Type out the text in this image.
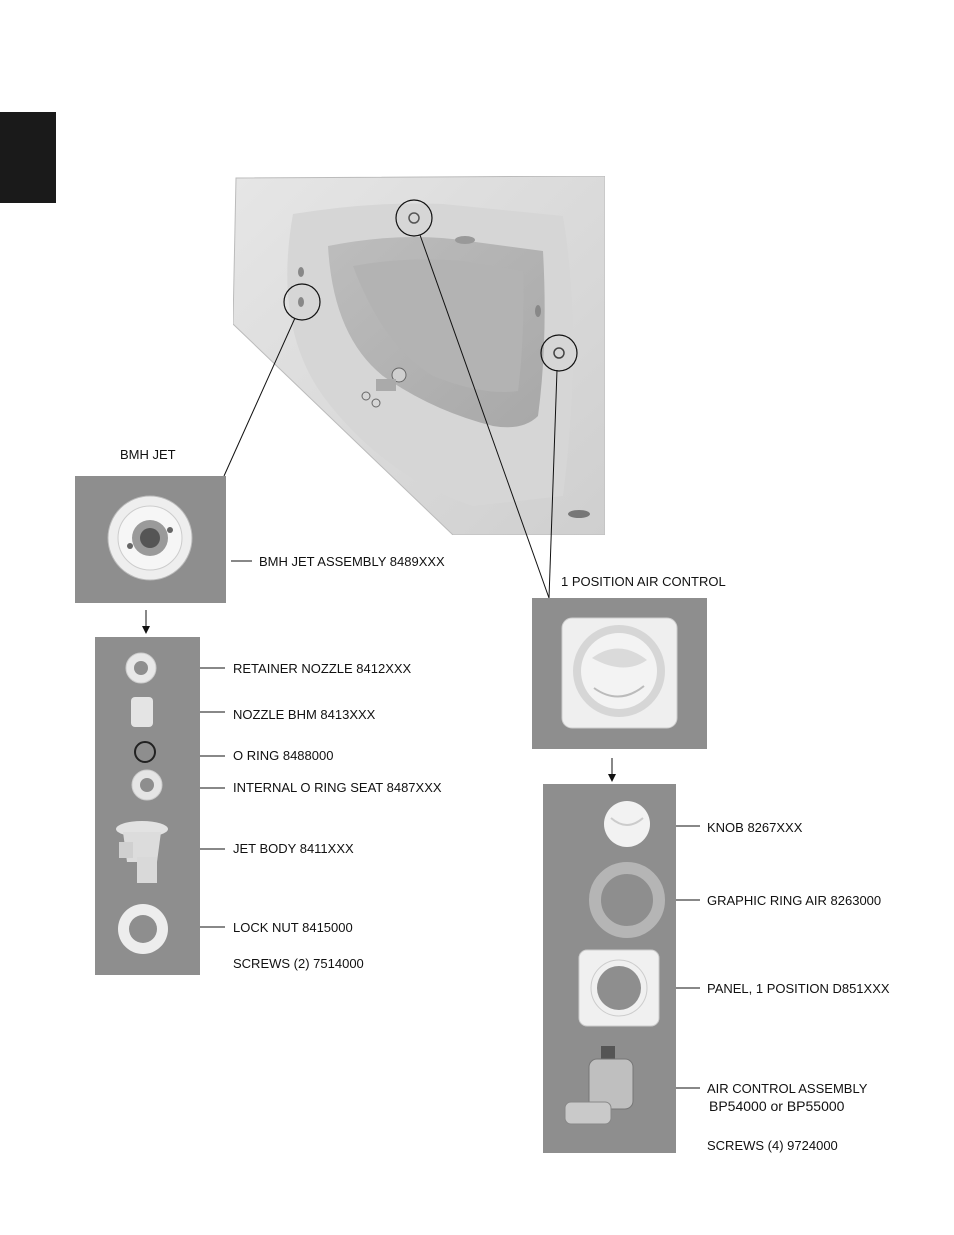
BMH JET
BMH JET ASSEMBLY 8489XXX
1 POSITION AIR CONTROL
RETAINER NOZZLE 8412XXX
NOZZLE BHM 8413XXX
O RING 8488000
INTERNAL O RING SEAT 8487XXX
JET BODY 8411XXX
LOCK NUT 8415000
SCREWS (2) 7514000
KNOB 8267XXX
GRAPHIC RING AIR 8263000
PANEL, 1 POSITION D851XXX
AIR CONTROL ASSEMBLY
BP54000 or BP55000
SCREWS (4) 9724000
